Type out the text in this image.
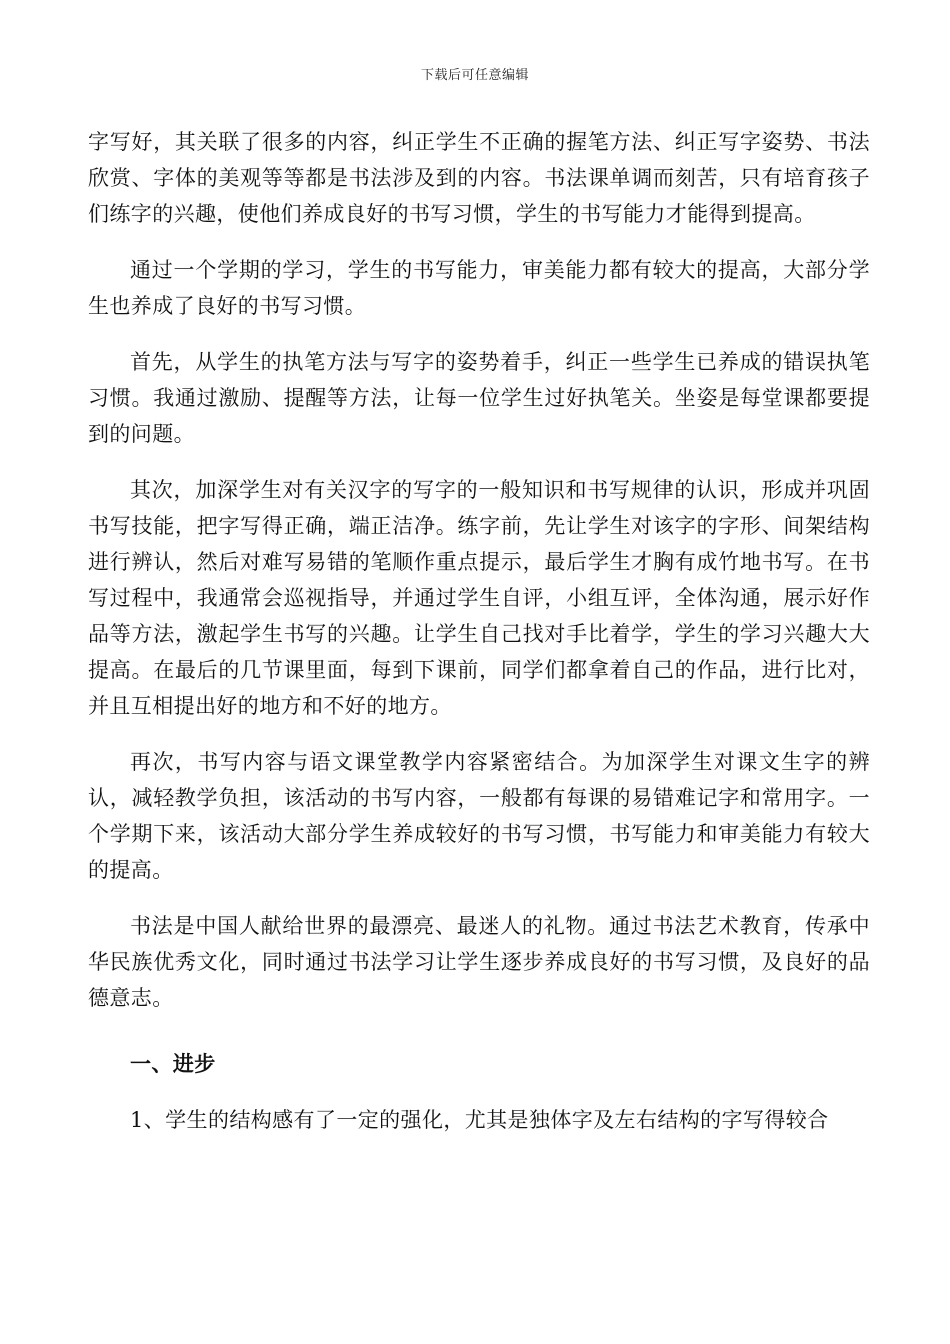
下载后可任意编辑

字写好，其关联了很多的内容，纠正学生不正确的握笔方法、纠正写字姿势、书法欣赏、字体的美观等等都是书法涉及到的内容。书法课单调而刻苦，只有培育孩子们练字的兴趣，使他们养成良好的书写习惯，学生的书写能力才能得到提高。

通过一个学期的学习，学生的书写能力，审美能力都有较大的提高，大部分学生也养成了良好的书写习惯。

首先，从学生的执笔方法与写字的姿势着手，纠正一些学生已养成的错误执笔习惯。我通过激励、提醒等方法，让每一位学生过好执笔关。坐姿是每堂课都要提到的问题。

其次，加深学生对有关汉字的写字的一般知识和书写规律的认识，形成并巩固书写技能，把字写得正确，端正洁净。练字前，先让学生对该字的字形、间架结构进行辨认，然后对难写易错的笔顺作重点提示，最后学生才胸有成竹地书写。在书写过程中，我通常会巡视指导，并通过学生自评，小组互评，全体沟通，展示好作品等方法，激起学生书写的兴趣。让学生自己找对手比着学，学生的学习兴趣大大提高。在最后的几节课里面，每到下课前，同学们都拿着自己的作品，进行比对，并且互相提出好的地方和不好的地方。

再次，书写内容与语文课堂教学内容紧密结合。为加深学生对课文生字的辨认，减轻教学负担，该活动的书写内容，一般都有每课的易错难记字和常用字。一个学期下来，该活动大部分学生养成较好的书写习惯，书写能力和审美能力有较大的提高。

书法是中国人献给世界的最漂亮、最迷人的礼物。通过书法艺术教育，传承中华民族优秀文化，同时通过书法学习让学生逐步养成良好的书写习惯，及良好的品德意志。

一、进步

1、学生的结构感有了一定的强化，尤其是独体字及左右结构的字写得较合
